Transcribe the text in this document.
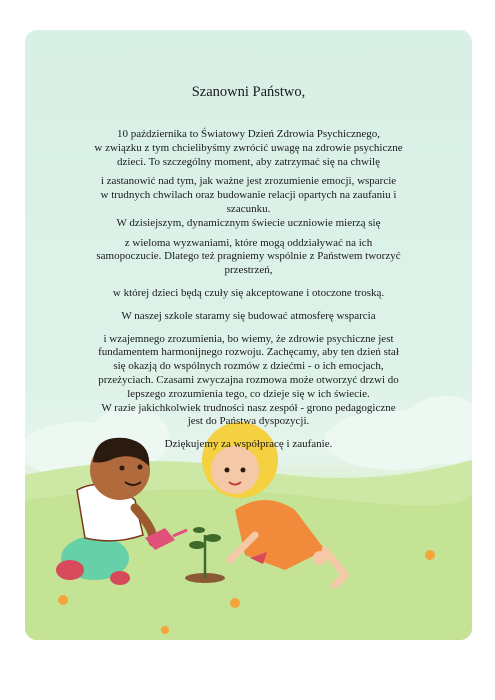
Szanowni Państwo,
10 października to Światowy Dzień Zdrowia Psychicznego,
w związku z tym chcielibyśmy zwrócić uwagę na zdrowie psychiczne
dzieci. To szczególny moment, aby zatrzymać się na chwilę
i zastanowić nad tym, jak ważne jest zrozumienie emocji, wsparcie
w trudnych chwilach oraz budowanie relacji opartych na zaufaniu i
szacunku.
W dzisiejszym, dynamicznym świecie uczniowie mierzą się
z wieloma wyzwaniami, które mogą oddziaływać na ich
samopoczucie. Dlatego też pragniemy wspólnie z Państwem tworzyć
przestrzeń,
w której dzieci będą czuły się akceptowane i otoczone troską.
W naszej szkole staramy się budować atmosferę wsparcia
i wzajemnego zrozumienia, bo wiemy, że zdrowie psychiczne jest
fundamentem harmonijnego rozwoju. Zachęcamy, aby ten dzień stał
się okazją do wspólnych rozmów z dziećmi - o ich emocjach,
przeżyciach. Czasami zwyczajna rozmowa może otworzyć drzwi do
lepszego zrozumienia tego, co dzieje się w ich świecie.
W razie jakichkolwiek trudności nasz zespół - grono pedagogiczne
jest do Państwa dyspozycji.
Dziękujemy za współpracę i zaufanie.
